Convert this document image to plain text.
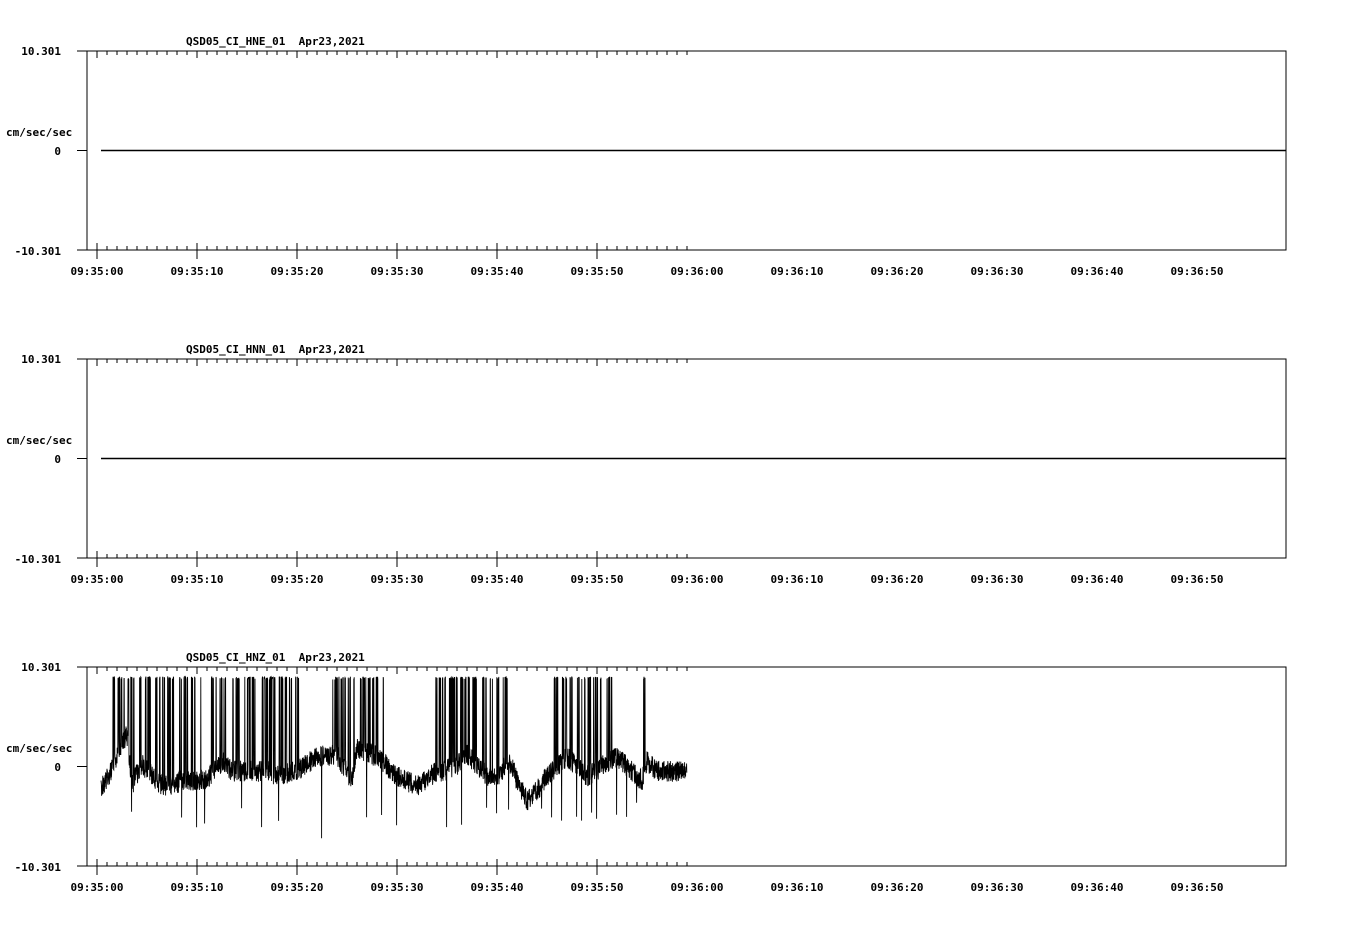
QSD05_CI_HNE_01  Apr23,2021
10.301
cm/sec/sec
0
-10.301
09:35:00	09:35:10	09:35:20	09:35:30	09:35:40	09:35:50	09:36:00	09:36:10	09:36:20	09:36:30	09:36:40	09:36:50
QSD05_CI_HNN_01  Apr23,2021
10.301
cm/sec/sec
0
-10.301
09:35:00	09:35:10	09:35:20	09:35:30	09:35:40	09:35:50	09:36:00	09:36:10	09:36:20	09:36:30	09:36:40	09:36:50
QSD05_CI_HNZ_01  Apr23,2021
10.301
cm/sec/sec
0
-10.301
09:35:00	09:35:10	09:35:20	09:35:30	09:35:40	09:35:50	09:36:00	09:36:10	09:36:20	09:36:30	09:36:40	09:36:50
